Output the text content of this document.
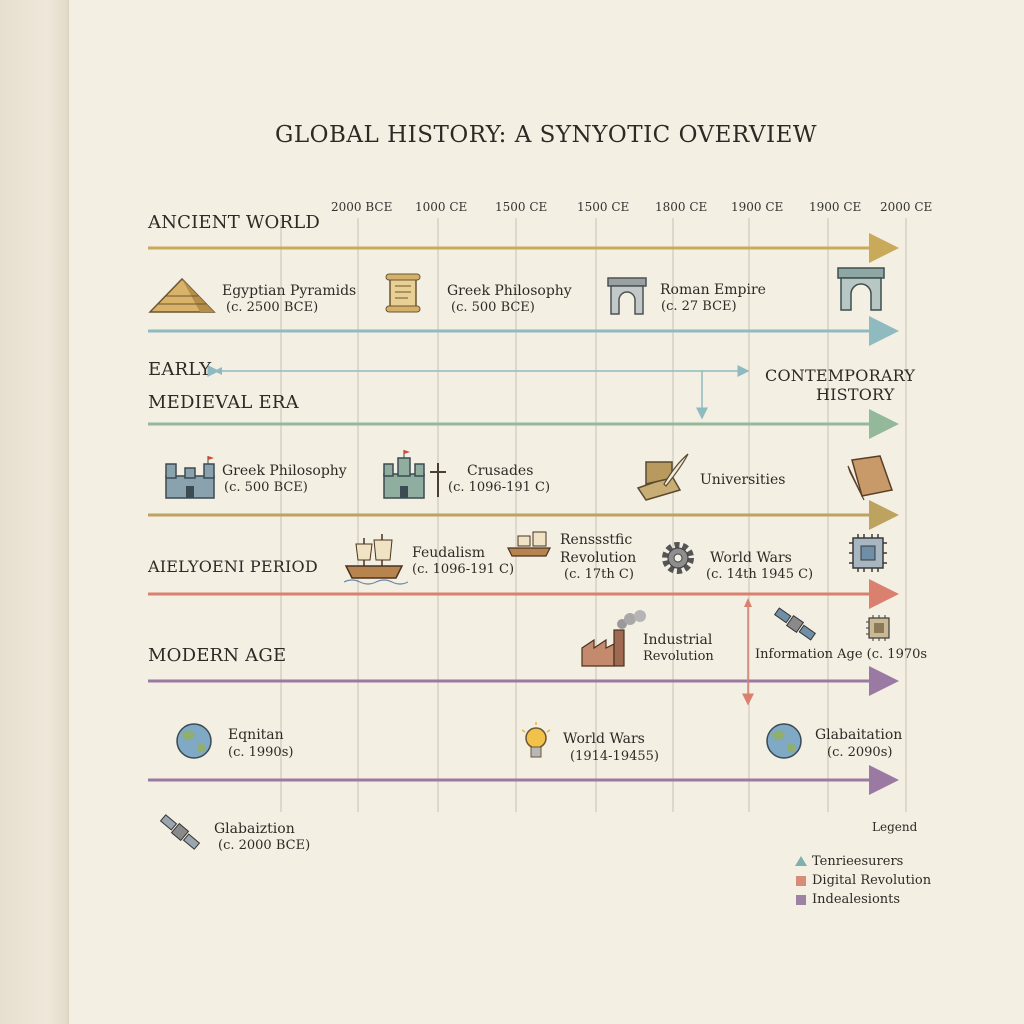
GLOBAL HISTORY: A SYNYOTIC OVERVIEW
2000 BCE 1000 CE 1500 CE 1500 CE 1800 CE 1900 CE 1900 CE 2000 CE
ANCIENT WORLD
EARLY
MEDIEVAL ERA
CONTEMPORARY
HISTORY
AIELYOENI PERIOD
MODERN AGE
Egyptian Pyramids
(c. 2500 BCE)
Greek Philosophy
(c. 500 BCE)
Roman Empire
(c. 27 BCE)
Greek Philosophy
(c. 500 BCE)
Crusades
(c. 1096-191 C)	Universities
Feudalism
(c. 1096-191 C)
Renssstfic
Revolution
(c. 17th C)
World Wars
(c. 14th 1945 C)
Industrial
Revolution	Information Age (c. 1970s
Eqnitan
(c. 1990s)
World Wars
(1914-19455)
Glabaitation
(c. 2090s)
Glabaiztion
(c. 2000 BCE)
Legend
Tenrieesurers
Digital Revolution
Indealesionts
